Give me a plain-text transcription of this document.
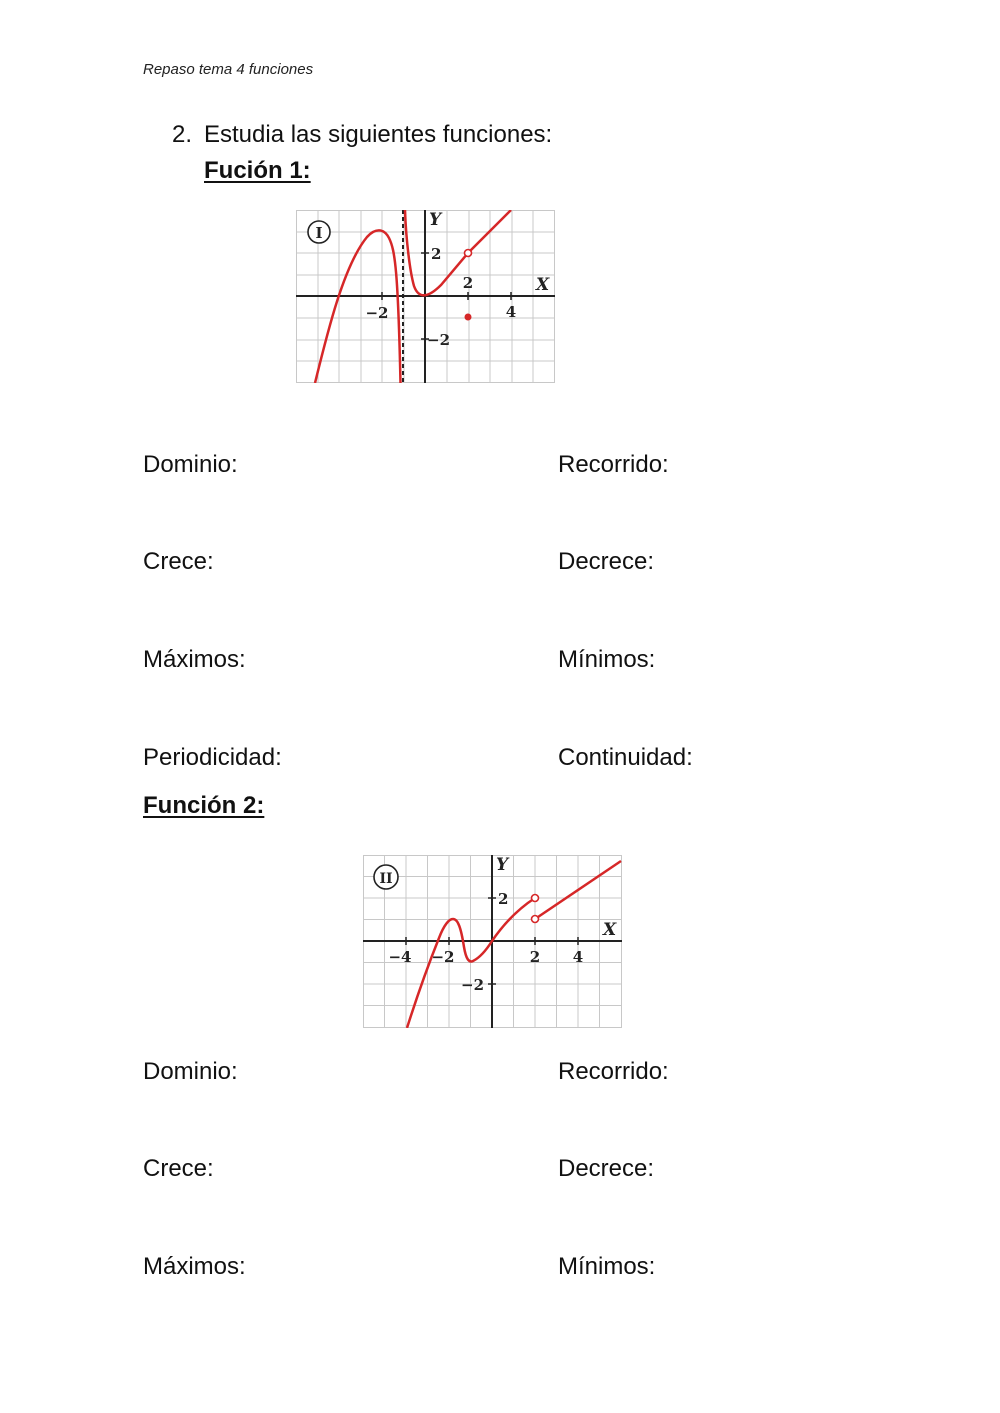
Repaso tema 4 funciones
2. Estudia las siguientes funciones:
Fución 1:
I
Y
X
−2
2
4
2
−2
Dominio:	Recorrido:
Crece:	Decrece:
Máximos:	Mínimos:
Periodicidad:	Continuidad:
Función 2:
II
Y
X
−4 −2	2 4
2
−2
Dominio:	Recorrido:
Crece:	Decrece:
Máximos:	Mínimos:
